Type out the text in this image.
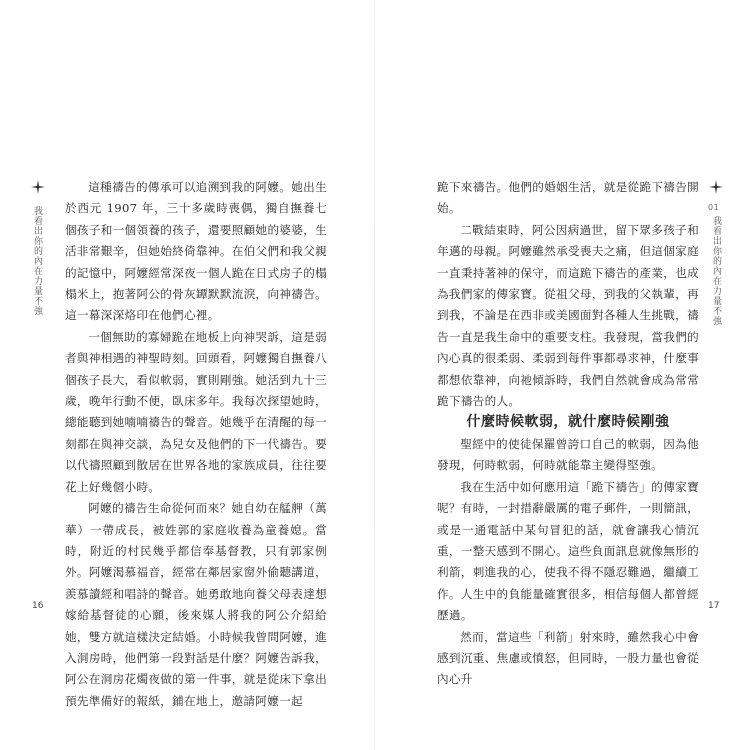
我看出你的內在力量不強

這種禱告的傳承可以追溯到我的阿嬤。她出生於西元 1907 年，三十多歲時喪偶，獨自撫養七個孩子和一個領養的孩子，還要照顧她的婆婆，生活非常艱辛，但她始終倚靠神。在伯父們和我父親的記憶中，阿嬤經常深夜一個人跪在日式房子的榻榻米上，抱著阿公的骨灰罈默默流淚，向神禱告。這一幕深深烙印在他們心裡。

一個無助的寡婦跪在地板上向神哭訴，這是弱者與神相遇的神聖時刻。回頭看，阿嬤獨自撫養八個孩子長大，看似軟弱，實則剛強。她活到九十三歲，晚年行動不便，臥床多年。我每次探望她時，總能聽到她喃喃禱告的聲音。她幾乎在清醒的每一刻都在與神交談，為兒女及他們的下一代禱告。要以代禱照顧到散居在世界各地的家族成員，往往要花上好幾個小時。

阿嬤的禱告生命從何而來？她自幼在艋舺（萬華）一帶成長，被姓郭的家庭收養為童養媳。當時，附近的村民幾乎都信奉基督教，只有郭家例外。阿嬤渴慕福音，經常在鄰居家窗外偷聽講道，羨慕讀經和唱詩的聲音。她勇敢地向養父母表達想嫁給基督徒的心願，後來媒人將我的阿公介紹給她，雙方就這樣決定結婚。小時候我曾問阿嬤，進入洞房時，他們第一段對話是什麼？阿嬤告訴我，阿公在洞房花燭夜做的第一件事，就是從床下拿出預先準備好的報紙，鋪在地上，邀請阿嬤一起

16

跪下來禱告。他們的婚姻生活，就是從跪下禱告開始。

二戰結束時，阿公因病過世，留下眾多孩子和年邁的母親。阿嬤雖然承受喪夫之痛，但這個家庭一直秉持著神的保守，而這跪下禱告的產業，也成為我們家的傳家寶。從祖父母，到我的父執輩，再到我，不論是在西非或美國面對各種人生挑戰，禱告一直是我生命中的重要支柱。我發現，當我們的內心真的很柔弱、柔弱到每件事都尋求神，什麼事都想依靠神，向祂傾訴時，我們自然就會成為常常跪下禱告的人。

什麼時候軟弱，就什麼時候剛強

聖經中的使徒保羅曾誇口自己的軟弱，因為他發現，何時軟弱，何時就能靠主變得堅強。

我在生活中如何應用這「跪下禱告」的傳家寶呢？有時，一封措辭嚴厲的電子郵件，一則簡訊，或是一通電話中某句冒犯的話，就會讓我心情沉重，一整天感到不開心。這些負面訊息就像無形的利箭，刺進我的心，使我不得不隱忍難過，繼續工作。人生中的負能量確實很多，相信每個人都曾經歷過。

然而，當這些「利箭」射來時，雖然我心中會感到沉重、焦慮或憤怒，但同時，一股力量也會從內心升

01
我看出你的內在力量不強
17
